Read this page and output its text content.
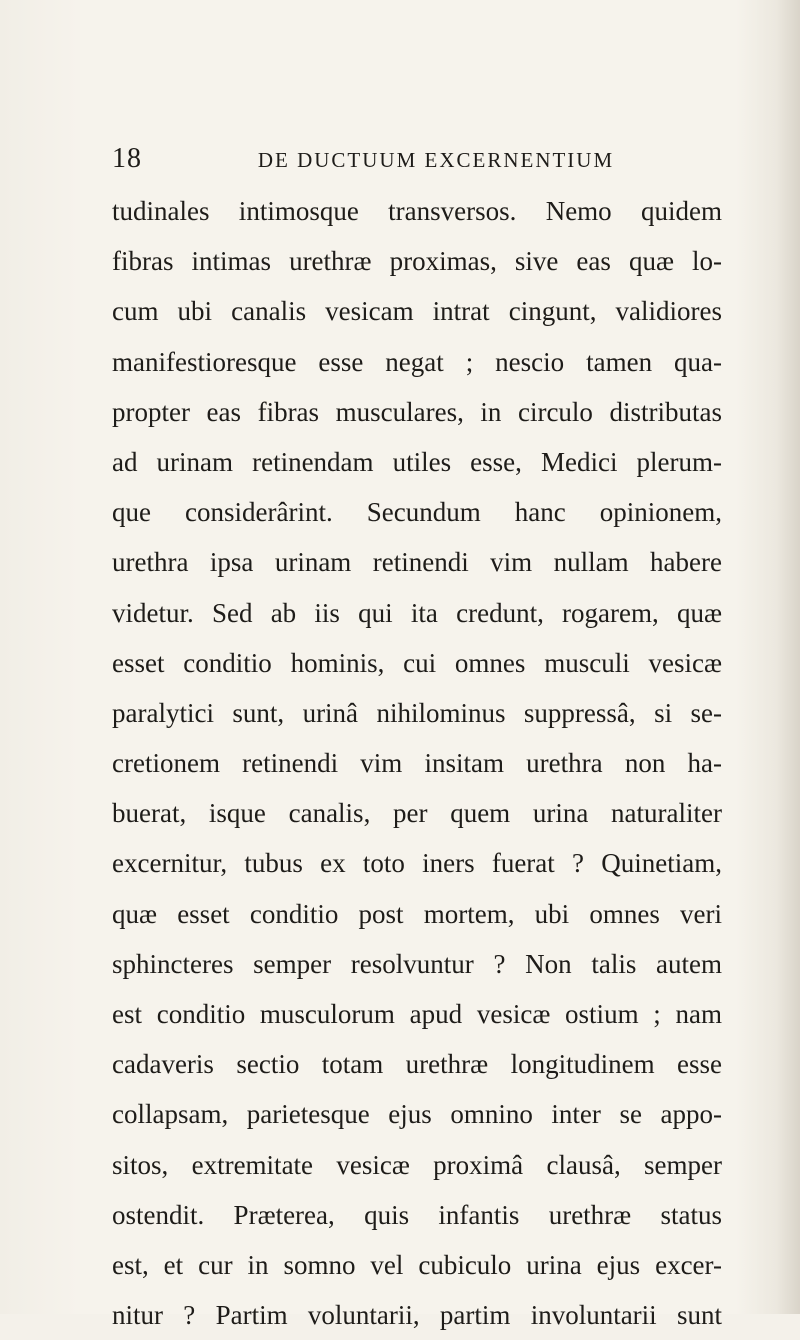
18	DE DUCTUUM EXCERNENTIUM
tudinales intimosque transversos. Nemo quidem
fibras intimas urethræ proximas, sive eas quæ lo-
cum ubi canalis vesicam intrat cingunt, validiores
manifestioresque esse negat ; nescio tamen qua-
propter eas fibras musculares, in circulo distributas
ad urinam retinendam utiles esse, Medici plerum-
que considerârint. Secundum hanc opinionem,
urethra ipsa urinam retinendi vim nullam habere
videtur. Sed ab iis qui ita credunt, rogarem, quæ
esset conditio hominis, cui omnes musculi vesicæ
paralytici sunt, urinâ nihilominus suppressâ, si se-
cretionem retinendi vim insitam urethra non ha-
buerat, isque canalis, per quem urina naturaliter
excernitur, tubus ex toto iners fuerat ? Quinetiam,
quæ esset conditio post mortem, ubi omnes veri
sphincteres semper resolvuntur ? Non talis autem
est conditio musculorum apud vesicæ ostium ; nam
cadaveris sectio totam urethræ longitudinem esse
collapsam, parietesque ejus omnino inter se appo-
sitos, extremitate vesicæ proximâ clausâ, semper
ostendit. Præterea, quis infantis urethræ status
est, et cur in somno vel cubiculo urina ejus excer-
nitur ? Partim voluntarii, partim involuntarii sunt
